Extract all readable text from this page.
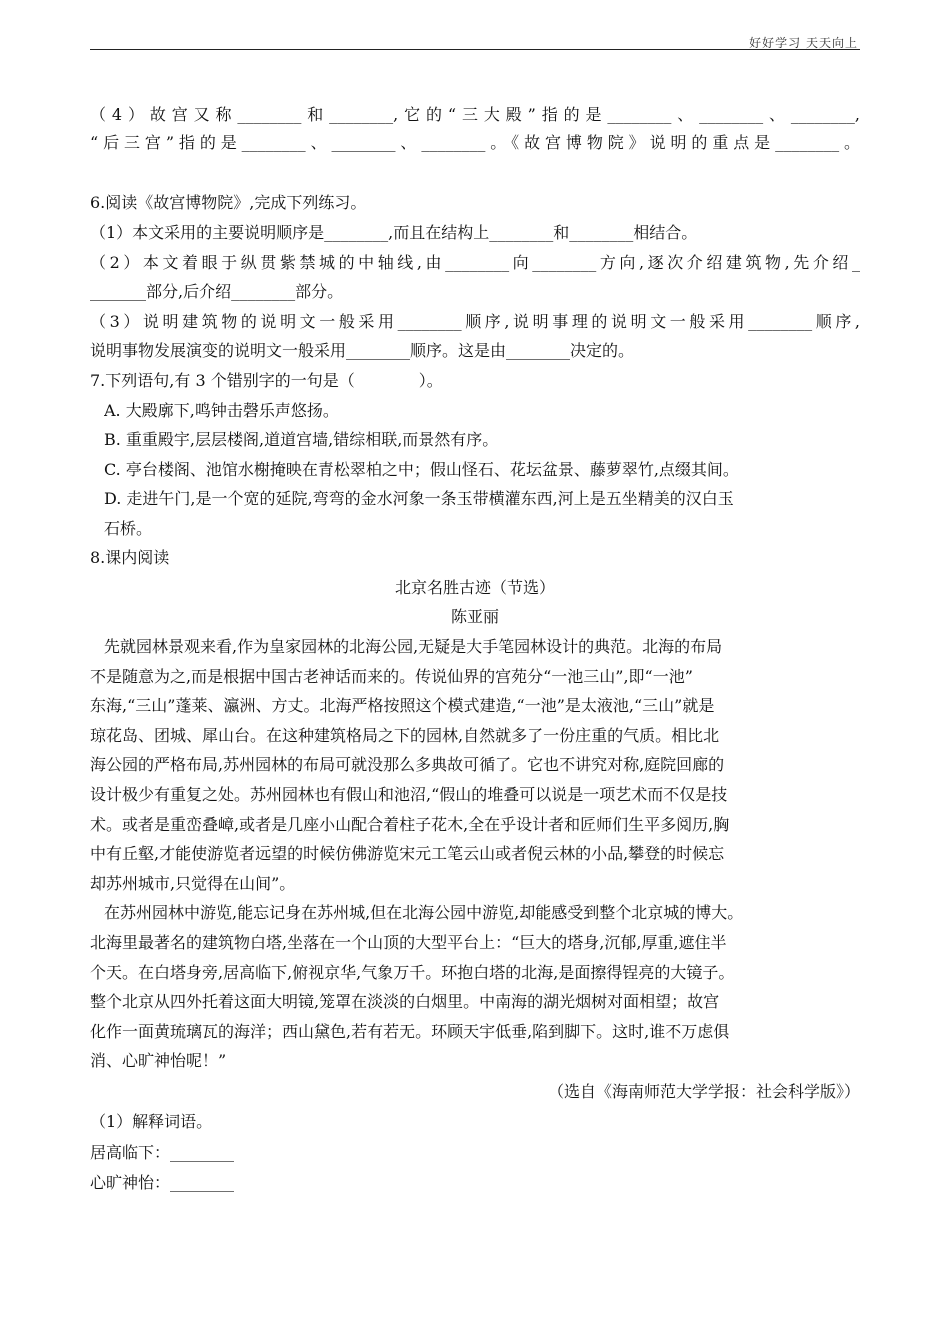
好好学习 天天向上
（4）故宫又称________和________,它的“三大殿”指的是________、________、________,
“后三宫”指的是________、________、________。《故宫博物院》说明的重点是________。
6.阅读《故宫博物院》,完成下列练习。
（1）本文采用的主要说明顺序是________,而且在结构上________和________相结合。
（2）本文着眼于纵贯紫禁城的中轴线,由________向________方向,逐次介绍建筑物,先介绍_
_______部分,后介绍________部分。
（3）说明建筑物的说明文一般采用________顺序,说明事理的说明文一般采用________顺序,
说明事物发展演变的说明文一般采用________顺序。这是由________决定的。
7.下列语句,有 3 个错别字的一句是（　　　　）。
A. 大殿廓下,鸣钟击磬乐声悠扬。
B. 重重殿宇,层层楼阁,道道宫墙,错综相联,而景然有序。
C. 亭台楼阁、池馆水榭掩映在青松翠柏之中；假山怪石、花坛盆景、藤萝翠竹,点缀其间。
D. 走进午门,是一个宽的延院,弯弯的金水河象一条玉带横灌东西,河上是五坐精美的汉白玉
石桥。
8.课内阅读
北京名胜古迹（节选）
陈亚丽
先就园林景观来看,作为皇家园林的北海公园,无疑是大手笔园林设计的典范。北海的布局
不是随意为之,而是根据中国古老神话而来的。传说仙界的宫苑分“一池三山”,即“一池”
东海,“三山”蓬莱、瀛洲、方丈。北海严格按照这个模式建造,“一池”是太液池,“三山”就是
琼花岛、团城、犀山台。在这种建筑格局之下的园林,自然就多了一份庄重的气质。相比北
海公园的严格布局,苏州园林的布局可就没那么多典故可循了。它也不讲究对称,庭院回廊的
设计极少有重复之处。苏州园林也有假山和池沼,“假山的堆叠可以说是一项艺术而不仅是技
术。或者是重峦叠嶂,或者是几座小山配合着柱子花木,全在乎设计者和匠师们生平多阅历,胸
中有丘壑,才能使游览者远望的时候仿佛游览宋元工笔云山或者倪云林的小品,攀登的时候忘
却苏州城市,只觉得在山间”。
在苏州园林中游览,能忘记身在苏州城,但在北海公园中游览,却能感受到整个北京城的博大。
北海里最著名的建筑物白塔,坐落在一个山顶的大型平台上：“巨大的塔身,沉郁,厚重,遮住半
个天。在白塔身旁,居高临下,俯视京华,气象万千。环抱白塔的北海,是面擦得锃亮的大镜子。
整个北京从四外托着这面大明镜,笼罩在淡淡的白烟里。中南海的湖光烟树对面相望；故宫
化作一面黄琉璃瓦的海洋；西山黛色,若有若无。环顾天宇低垂,陷到脚下。这时,谁不万虑俱
消、心旷神怡呢！”
（选自《海南师范大学学报：社会科学版》）
（1）解释词语。
居高临下：________
心旷神怡：________
